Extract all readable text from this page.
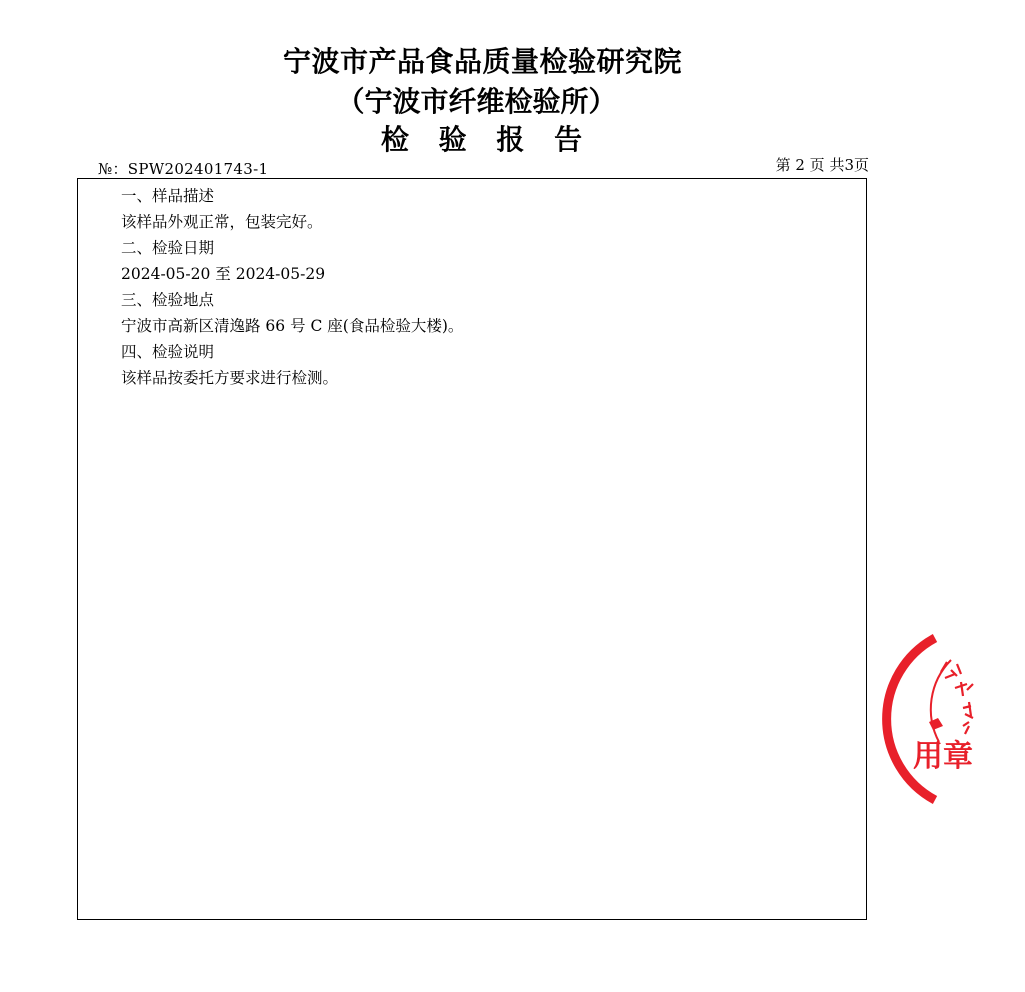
宁波市产品食品质量检验研究院
（宁波市纤维检验所）
检 验 报 告
№：SPW202401743-1	第 2 页 共3页
一、样品描述
该样品外观正常，包装完好。
二、检验日期
2024-05-20 至 2024-05-29
三、检验地点
宁波市高新区清逸路 66 号 C 座(食品检验大楼)。
四、检验说明
该样品按委托方要求进行检测。
用章
